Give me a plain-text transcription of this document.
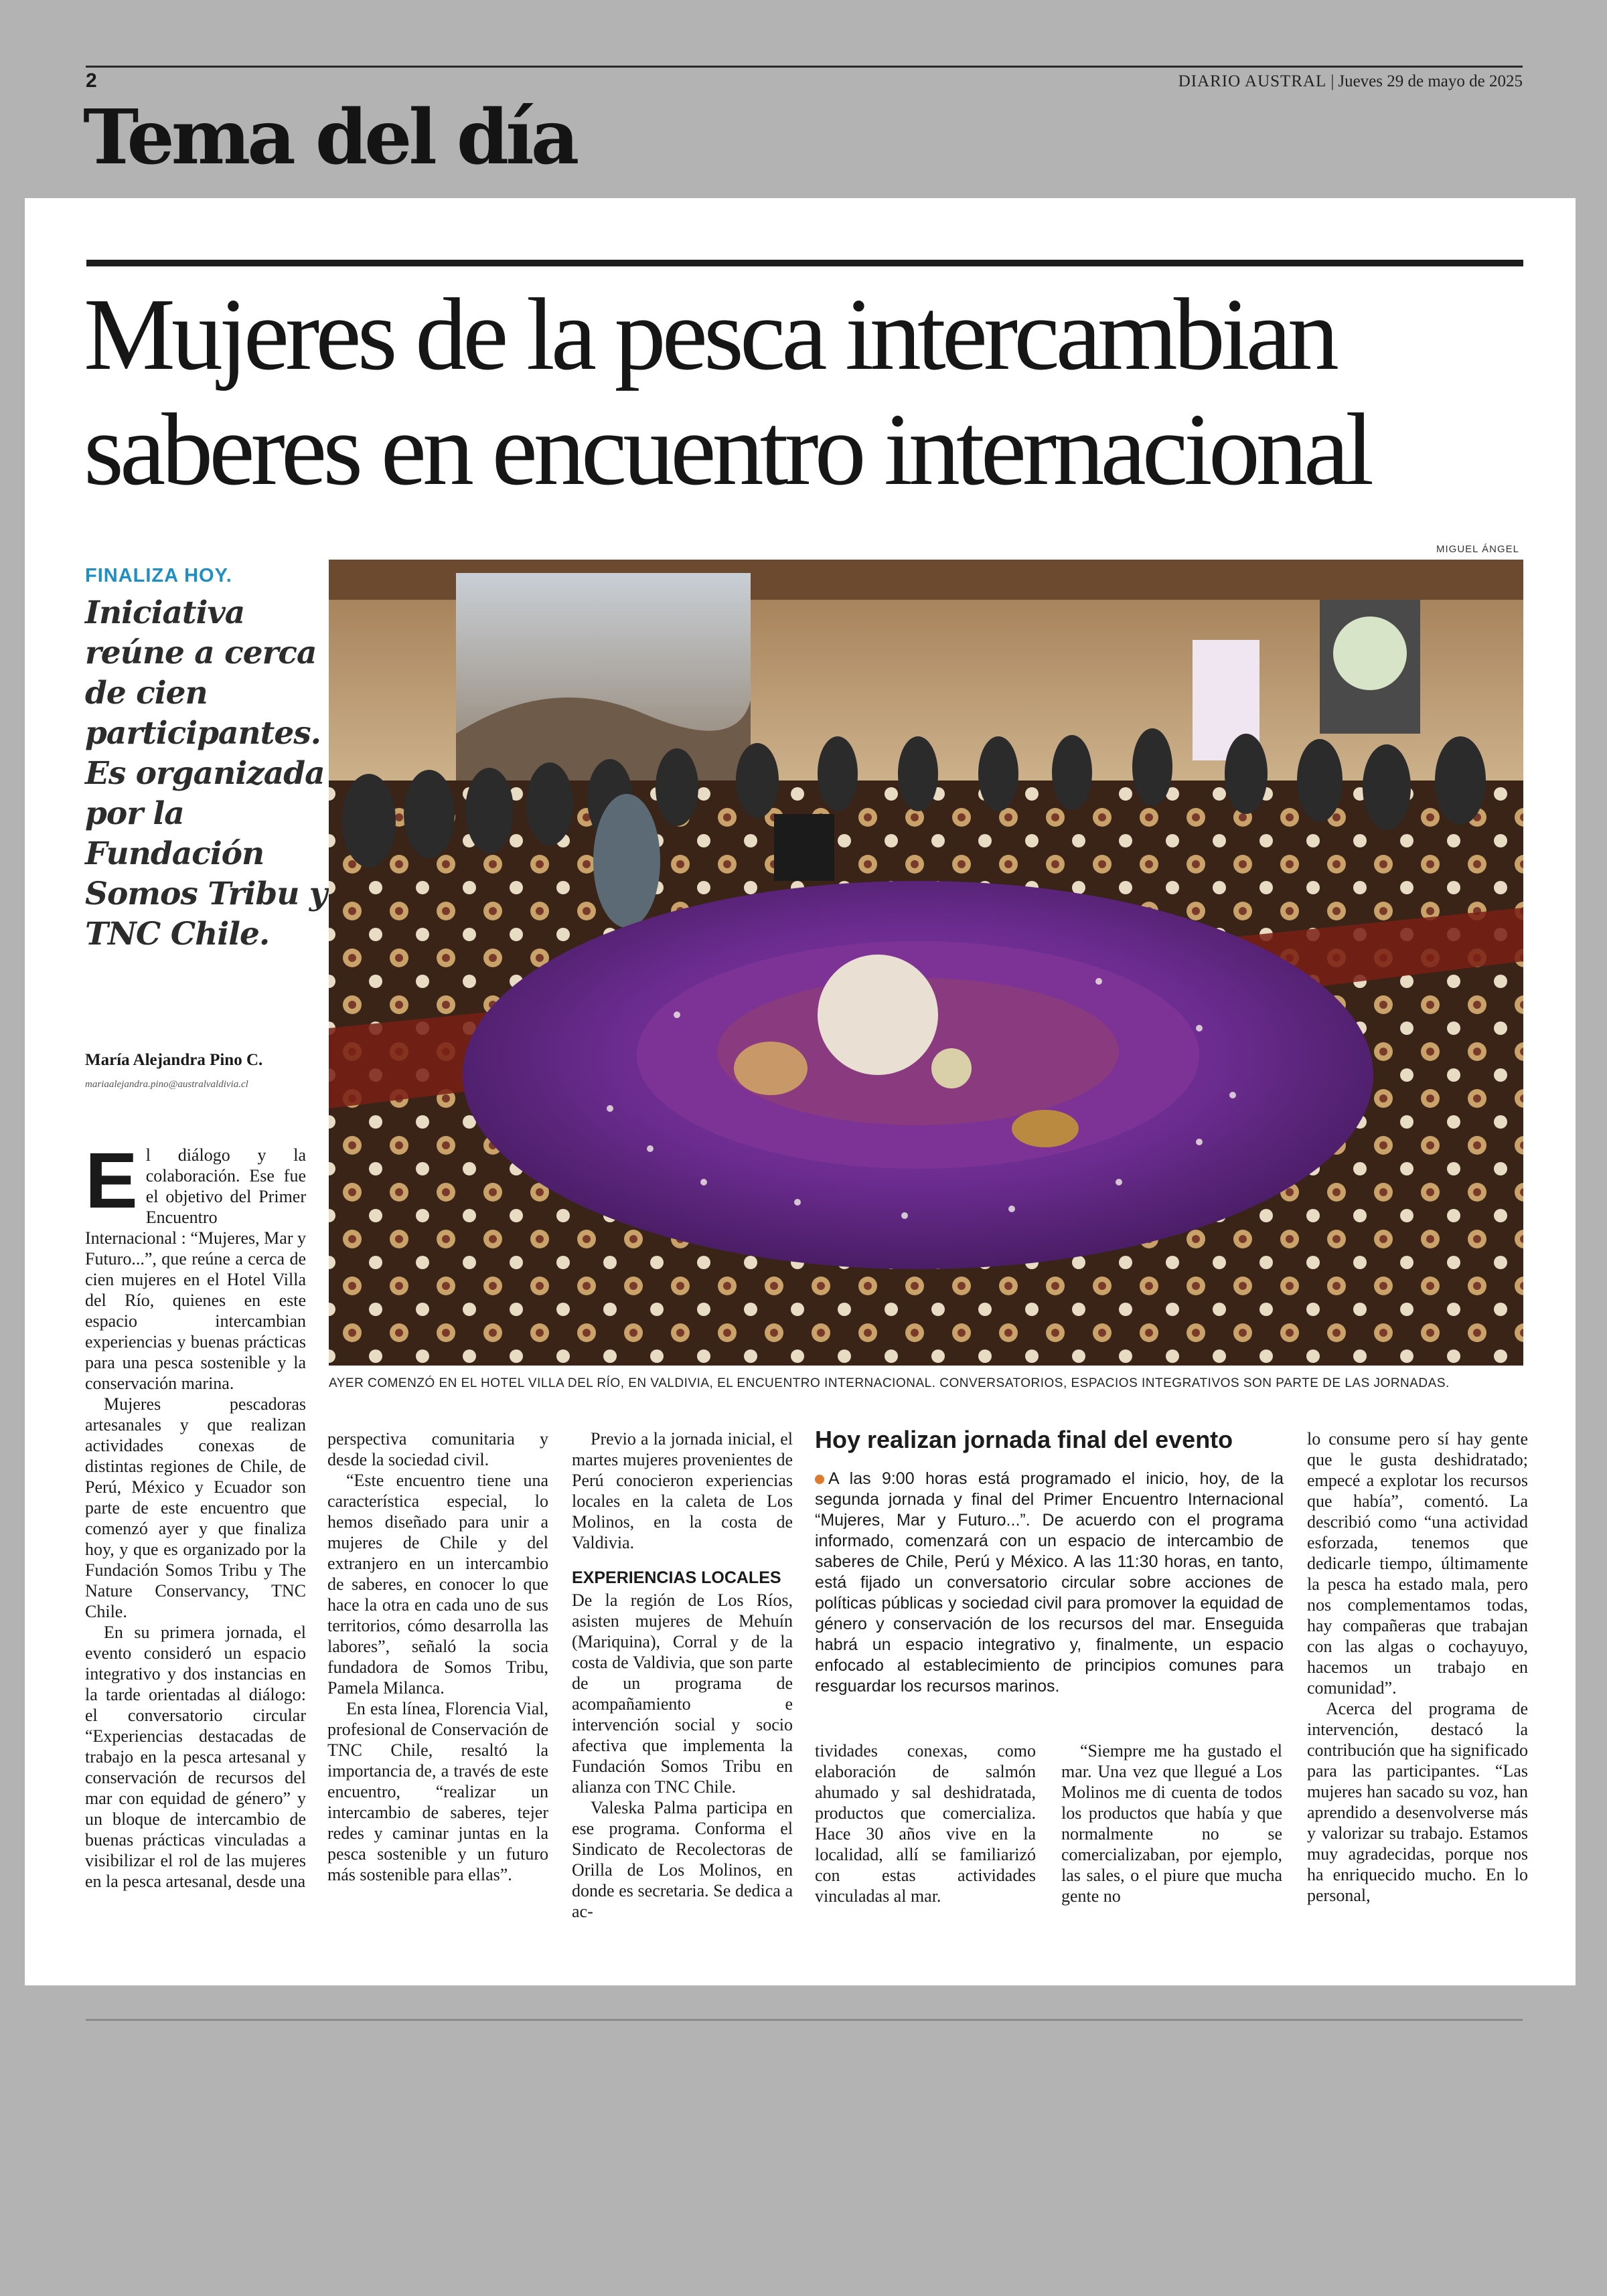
2	DIARIO AUSTRAL | Jueves 29 de mayo de 2025
Tema del día
Mujeres de la pesca intercambian saberes en encuentro internacional
MIGUEL ÁNGEL
FINALIZA HOY.

Iniciativa reúne a cerca de cien participantes. Es organizada por la Fundación Somos Tribu y TNC Chile.

María Alejandra Pino C.
mariaalejandra.pino@australvaldivia.cl

AYER COMENZÓ EN EL HOTEL VILLA DEL RÍO, EN VALDIVIA, EL ENCUENTRO INTERNACIONAL. CONVERSATORIOS, ESPACIOS INTEGRATIVOS SON PARTE DE LAS JORNADAS.

El diálogo y la colaboración. Ese fue el objetivo del Primer Encuentro Internacional : “Mujeres, Mar y Futuro...”, que reúne a cerca de cien mujeres en el Hotel Villa del Río, quienes en este espacio intercambian experiencias y buenas prácticas para una pesca sostenible y la conservación marina.

Mujeres pescadoras artesanales y que realizan actividades conexas de distintas regiones de Chile, de Perú, México y Ecuador son parte de este encuentro que comenzó ayer y que finaliza hoy, y que es organizado por la Fundación Somos Tribu y The Nature Conservancy, TNC Chile.

En su primera jornada, el evento consideró un espacio integrativo y dos instancias en la tarde orientadas al diálogo: el conversatorio circular “Experiencias destacadas de trabajo en la pesca artesanal y conservación de recursos del mar con equidad de género” y un bloque de intercambio de buenas prácticas vinculadas a visibilizar el rol de las mujeres en la pesca artesanal, desde una

perspectiva comunitaria y desde la sociedad civil.

“Este encuentro tiene una característica especial, lo hemos diseñado para unir a mujeres de Chile y del extranjero en un intercambio de saberes, en conocer lo que hace la otra en cada uno de sus territorios, cómo desarrolla las labores”, señaló la socia fundadora de Somos Tribu, Pamela Milanca.

En esta línea, Florencia Vial, profesional de Conservación de TNC Chile, resaltó la importancia de, a través de este encuentro, “realizar un intercambio de saberes, tejer redes y caminar juntas en la pesca sostenible y un futuro más sostenible para ellas”.

Previo a la jornada inicial, el martes mujeres provenientes de Perú conocieron experiencias locales en la caleta de Los Molinos, en la costa de Valdivia.

EXPERIENCIAS LOCALES

De la región de Los Ríos, asisten mujeres de Mehuín (Mariquina), Corral y de la costa de Valdivia, que son parte de un programa de acompañamiento e intervención social y socio afectiva que implementa la Fundación Somos Tribu en alianza con TNC Chile.

Valeska Palma participa en ese programa. Conforma el Sindicato de Recolectoras de Orilla de Los Molinos, en donde es secretaria. Se dedica a ac-

Hoy realizan jornada final del evento

A las 9:00 horas está programado el inicio, hoy, de la segunda jornada y final del Primer Encuentro Internacional “Mujeres, Mar y Futuro...”. De acuerdo con el programa informado, comenzará con un espacio de intercambio de saberes de Chile, Perú y México. A las 11:30 horas, en tanto, está fijado un conversatorio circular sobre acciones de políticas públicas y sociedad civil para promover la equidad de género y conservación de los recursos del mar. Enseguida habrá un espacio integrativo y, finalmente, un espacio enfocado al establecimiento de principios comunes para resguardar los recursos marinos.

tividades conexas, como elaboración de salmón ahumado y sal deshidratada, productos que comercializa. Hace 30 años vive en la localidad, allí se familiarizó con estas actividades vinculadas al mar.

“Siempre me ha gustado el mar. Una vez que llegué a Los Molinos me di cuenta de todos los productos que había y que normalmente no se comercializaban, por ejemplo, las sales, o el piure que mucha gente no

lo consume pero sí hay gente que le gusta deshidratado; empecé a explotar los recursos que había”, comentó. La describió como “una actividad esforzada, tenemos que dedicarle tiempo, últimamente la pesca ha estado mala, pero nos complementamos todas, hay compañeras que trabajan con las algas o cochayuyo, hacemos un trabajo en comunidad”.

Acerca del programa de intervención, destacó la contribución que ha significado para las participantes. “Las mujeres han sacado su voz, han aprendido a desenvolverse más y valorizar su trabajo. Estamos muy agradecidas, porque nos ha enriquecido mucho. En lo personal,
